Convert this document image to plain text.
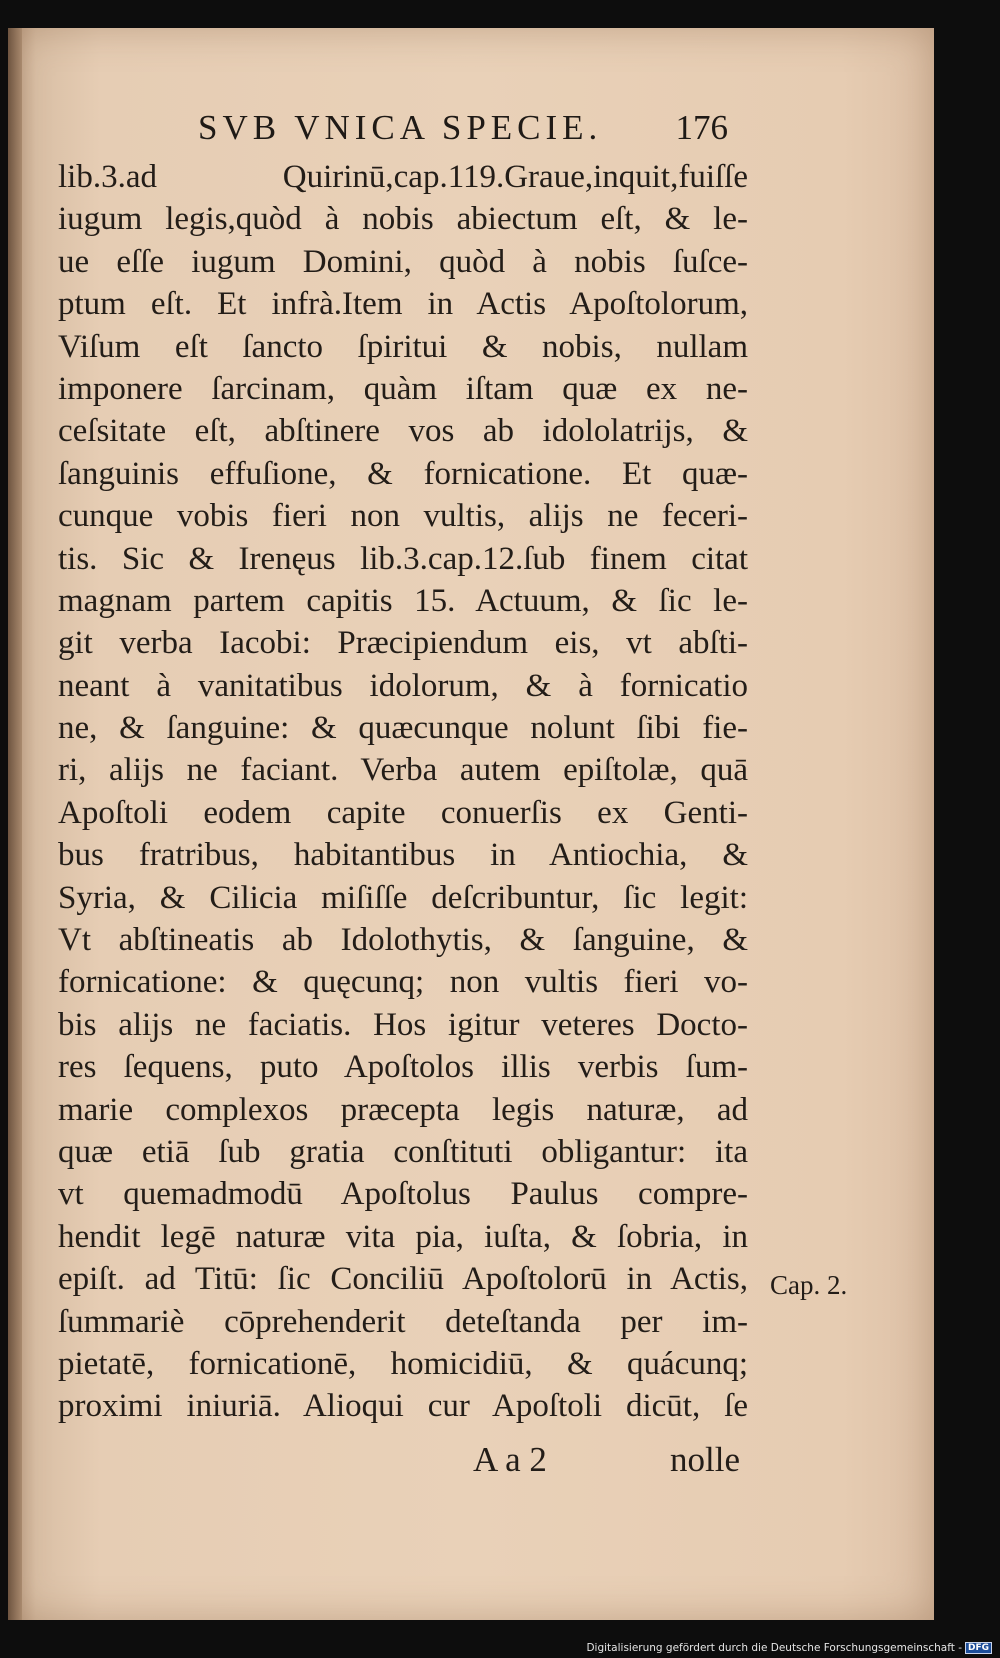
SVB VNICA SPECIE. 176
lib.3.ad Quirinū,cap.119.Graue,inquit,fuiſſe
iugum legis,quòd à nobis abiectum eſt, & le-
ue eſſe iugum Domini, quòd à nobis ſuſce-
ptum eſt. Et infrà.Item in Actis Apoſtolorum,
Viſum eſt ſancto ſpiritui & nobis, nullam
imponere ſarcinam, quàm iſtam quæ ex ne-
ceſsitate eſt, abſtinere vos ab idololatrijs, &
ſanguinis effuſione, & fornicatione. Et quæ-
cunque vobis fieri non vultis, alijs ne feceri-
tis. Sic & Irenęus lib.3.cap.12.ſub finem citat
magnam partem capitis 15. Actuum, & ſic le-
git verba Iacobi: Præcipiendum eis, vt abſti-
neant à vanitatibus idolorum, & à fornicatio
ne, & ſanguine: & quæcunque nolunt ſibi fie-
ri, alijs ne faciant. Verba autem epiſtolæ, quā
Apoſtoli eodem capite conuerſis ex Genti-
bus fratribus, habitantibus in Antiochia, &
Syria, & Cilicia miſiſſe deſcribuntur, ſic legit:
Vt abſtineatis ab Idolothytis, & ſanguine, &
fornicatione: & quęcunq; non vultis fieri vo-
bis alijs ne faciatis. Hos igitur veteres Docto-
res ſequens, puto Apoſtolos illis verbis ſum-
marie complexos præcepta legis naturæ, ad
quæ etiā ſub gratia conſtituti obligantur: ita
vt quemadmodū Apoſtolus Paulus compre-
hendit legē naturæ vita pia, iuſta, & ſobria, in
epiſt. ad Titū: ſic Conciliū Apoſtolorū in Actis,
ſummariè cōprehenderit deteſtanda per im-
pietatē, fornicationē, homicidiū, & quácunq;
proximi iniuriā. Alioqui cur Apoſtoli dicūt, ſe
Cap. 2.
A a 2	nolle
Digitalisierung gefördert durch die Deutsche Forschungsgemeinschaft - DFG
